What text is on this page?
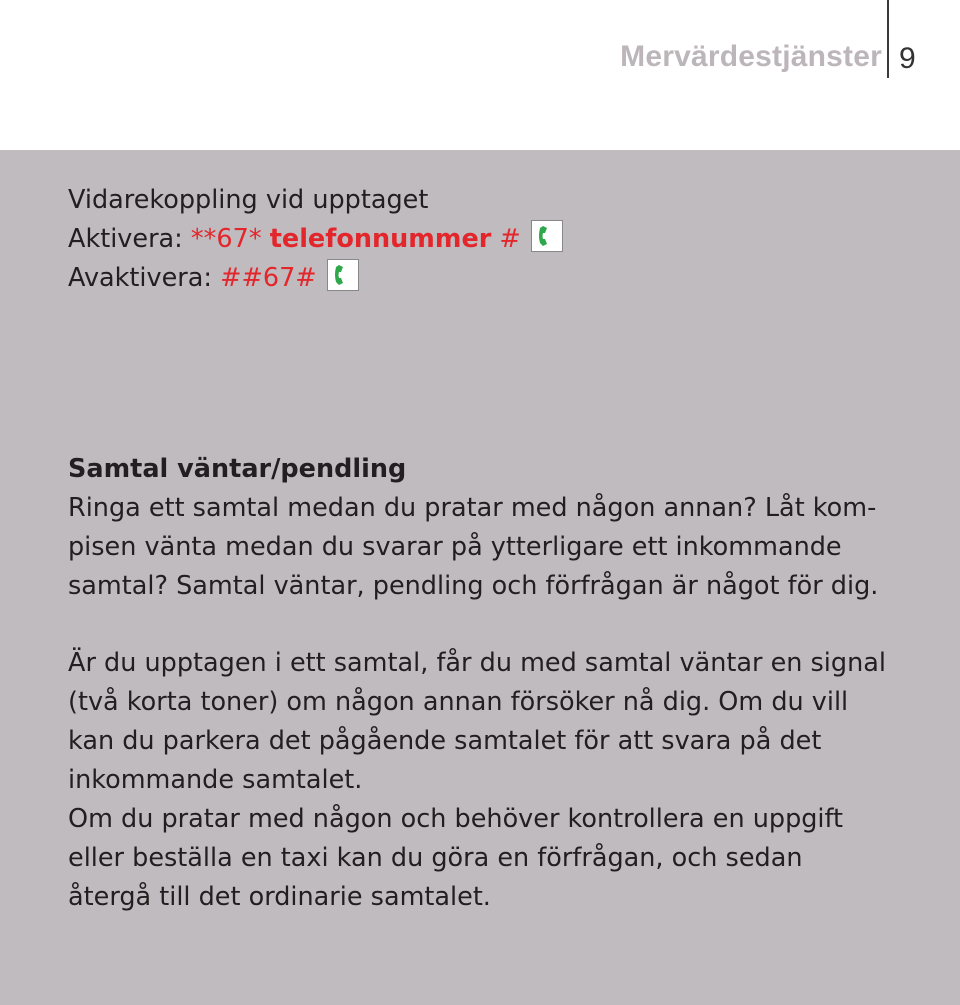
Mervärdestjänster 9
Vidarekoppling vid upptaget
Aktivera: **67* telefonnummer #
Avaktivera: ##67#
Samtal väntar/pendling
Ringa ett samtal medan du pratar med någon annan? Låt kom-
pisen vänta medan du svarar på ytterligare ett inkommande
samtal? Samtal väntar, pendling och förfrågan är något för dig.
Är du upptagen i ett samtal, får du med samtal väntar en signal
(två korta toner) om någon annan försöker nå dig. Om du vill
kan du parkera det pågående samtalet för att svara på det
inkommande samtalet.
Om du pratar med någon och behöver kontrollera en uppgift
eller beställa en taxi kan du göra en förfrågan, och sedan
återgå till det ordinarie samtalet.
